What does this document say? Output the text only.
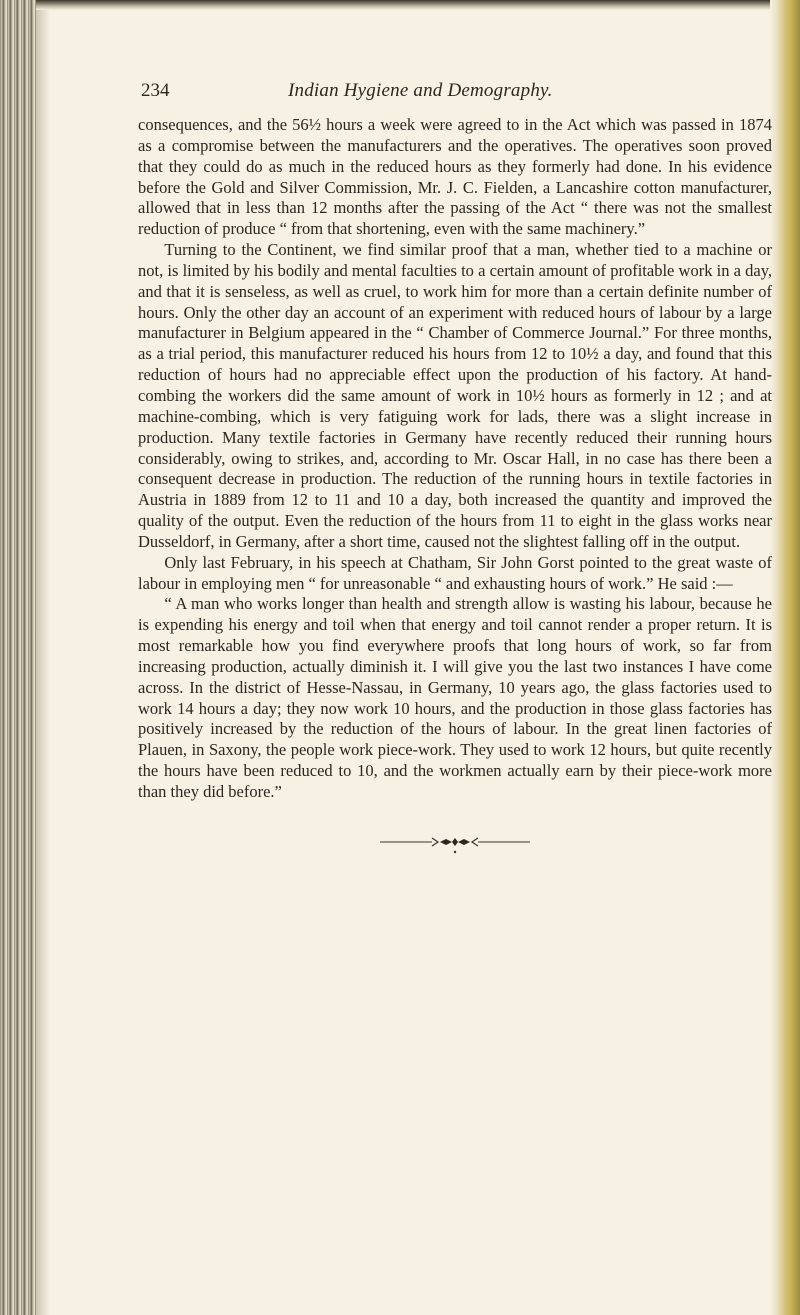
234	Indian Hygiene and Demography.

consequences, and the 56½ hours a week were agreed to in the Act which was passed in 1874 as a compromise between the manufacturers and the operatives. The operatives soon proved that they could do as much in the reduced hours as they formerly had done. In his evidence before the Gold and Silver Commission, Mr. J. C. Fielden, a Lancashire cotton manufacturer, allowed that in less than 12 months after the passing of the Act “ there was not the smallest reduction of produce “ from that shortening, even with the same machinery.”

Turning to the Continent, we find similar proof that a man, whether tied to a machine or not, is limited by his bodily and mental faculties to a certain amount of profitable work in a day, and that it is senseless, as well as cruel, to work him for more than a certain definite number of hours. Only the other day an account of an experiment with reduced hours of labour by a large manufacturer in Belgium appeared in the “ Chamber of Commerce Journal.” For three months, as a trial period, this manufacturer reduced his hours from 12 to 10½ a day, and found that this reduction of hours had no appreciable effect upon the production of his factory. At hand-combing the workers did the same amount of work in 10½ hours as formerly in 12 ; and at machine-combing, which is very fatiguing work for lads, there was a slight increase in production. Many textile factories in Germany have recently reduced their running hours considerably, owing to strikes, and, according to Mr. Oscar Hall, in no case has there been a consequent decrease in production. The reduction of the running hours in textile factories in Austria in 1889 from 12 to 11 and 10 a day, both increased the quantity and improved the quality of the output. Even the reduction of the hours from 11 to eight in the glass works near Dusseldorf, in Germany, after a short time, caused not the slightest falling off in the output.

Only last February, in his speech at Chatham, Sir John Gorst pointed to the great waste of labour in employing men “ for unreasonable “ and exhausting hours of work.” He said :—

“ A man who works longer than health and strength allow is wasting his labour, because he is expending his energy and toil when that energy and toil cannot render a proper return. It is most remarkable how you find everywhere proofs that long hours of work, so far from increasing production, actually diminish it. I will give you the last two instances I have come across. In the district of Hesse-Nassau, in Germany, 10 years ago, the glass factories used to work 14 hours a day; they now work 10 hours, and the production in those glass factories has positively increased by the reduction of the hours of labour. In the great linen factories of Plauen, in Saxony, the people work piece-work. They used to work 12 hours, but quite recently the hours have been reduced to 10, and the workmen actually earn by their piece-work more than they did before.”
